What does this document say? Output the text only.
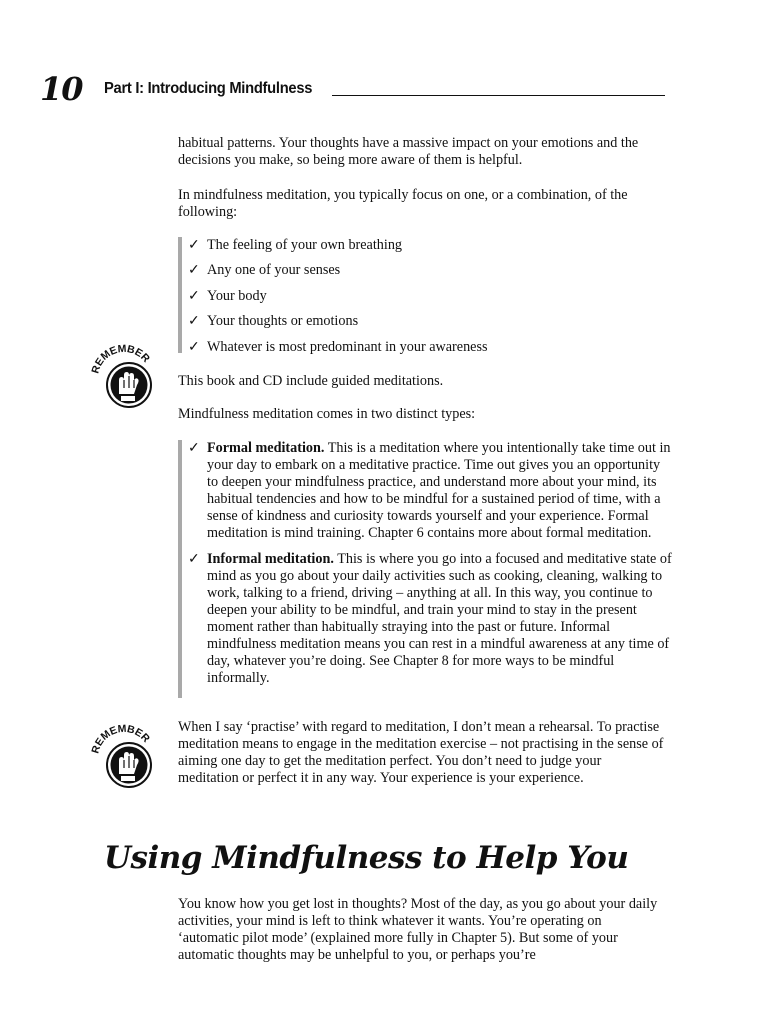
10 Part I: Introducing Mindfulness

habitual patterns. Your thoughts have a massive impact on your emotions and the decisions you make, so being more aware of them is helpful.

In mindfulness meditation, you typically focus on one, or a combination, of the following:

✓ The feeling of your own breathing
✓ Any one of your senses
✓ Your body
✓ Your thoughts or emotions
✓ Whatever is most predominant in your awareness
REMEMBER

This book and CD include guided meditations.

Mindfulness meditation comes in two distinct types:

✓ Formal meditation. This is a meditation where you intentionally take time out in your day to embark on a meditative practice. Time out gives you an opportunity to deepen your mindfulness practice, and understand more about your mind, its habitual tendencies and how to be mindful for a sustained period of time, with a sense of kindness and curiosity towards yourself and your experience. Formal meditation is mind training. Chapter 6 contains more about formal meditation.
✓ Informal meditation. This is where you go into a focused and meditative state of mind as you go about your daily activities such as cooking, cleaning, walking to work, talking to a friend, driving – anything at all. In this way, you continue to deepen your ability to be mindful, and train your mind to stay in the present moment rather than habitually straying into the past or future. Informal mindfulness meditation means you can rest in a mindful awareness at any time of day, whatever you’re doing. See Chapter 8 for more ways to be mindful informally.
REMEMBER

When I say ‘practise’ with regard to meditation, I don’t mean a rehearsal. To practise meditation means to engage in the meditation exercise – not practising in the sense of aiming one day to get the meditation perfect. You don’t need to judge your meditation or perfect it in any way. Your experience is your experience.

Using Mindfulness to Help You

You know how you get lost in thoughts? Most of the day, as you go about your daily activities, your mind is left to think whatever it wants. You’re operating on ‘automatic pilot mode’ (explained more fully in Chapter 5). But some of your automatic thoughts may be unhelpful to you, or perhaps you’re
